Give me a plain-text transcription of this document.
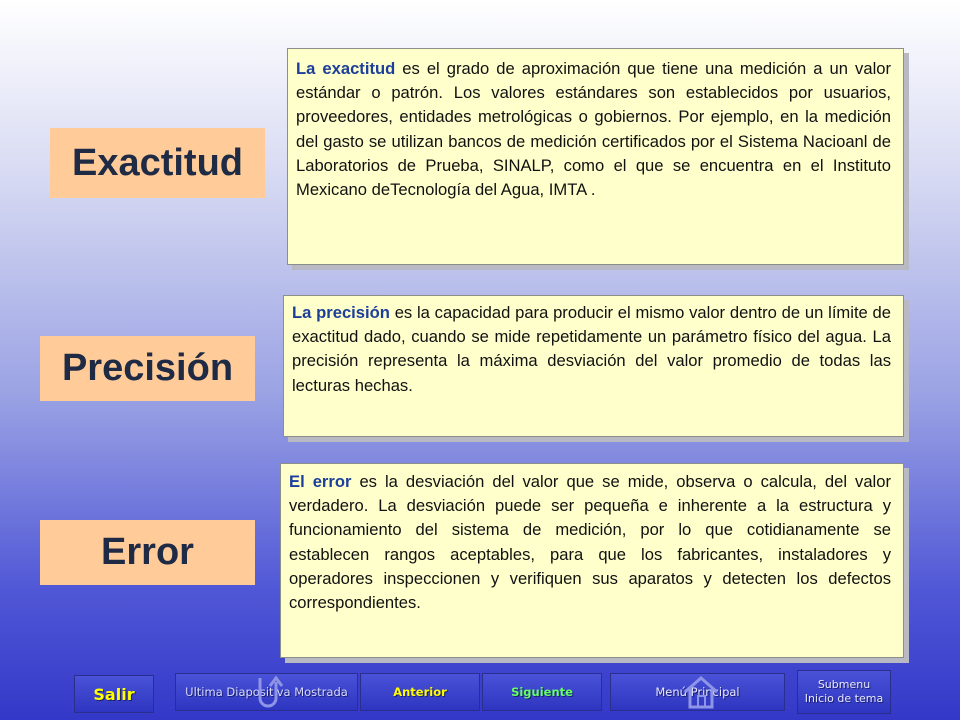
Exactitud
Precisión
Error
La exactitud es el grado de aproximación que tiene una medición a un valor estándar o patrón. Los valores estándares son establecidos por usuarios, proveedores, entidades metrológicas o gobiernos. Por ejemplo, en la medición del gasto se utilizan bancos de medición certificados por el Sistema Nacioanl de Laboratorios de Prueba, SINALP, como el que se encuentra en el Instituto Mexicano deTecnología del Agua, IMTA .
La precisión es la capacidad para producir el mismo valor dentro de un límite de exactitud dado, cuando se mide repetidamente un parámetro físico del agua. La precisión representa la máxima desviación del valor promedio de todas las lecturas hechas.
El error es la desviación del valor que se mide, observa o calcula, del valor verdadero. La desviación puede ser pequeña e inherente a la estructura y funcionamiento del sistema de medición, por lo que cotidianamente se establecen rangos aceptables, para que los fabricantes, instaladores y operadores inspeccionen y verifiquen sus aparatos y detecten los defectos correspondientes.
Salir	Ultima Diapositiva Mostrada	Anterior	Siguiente	Menú Principal
Submenu
Inicio de tema
